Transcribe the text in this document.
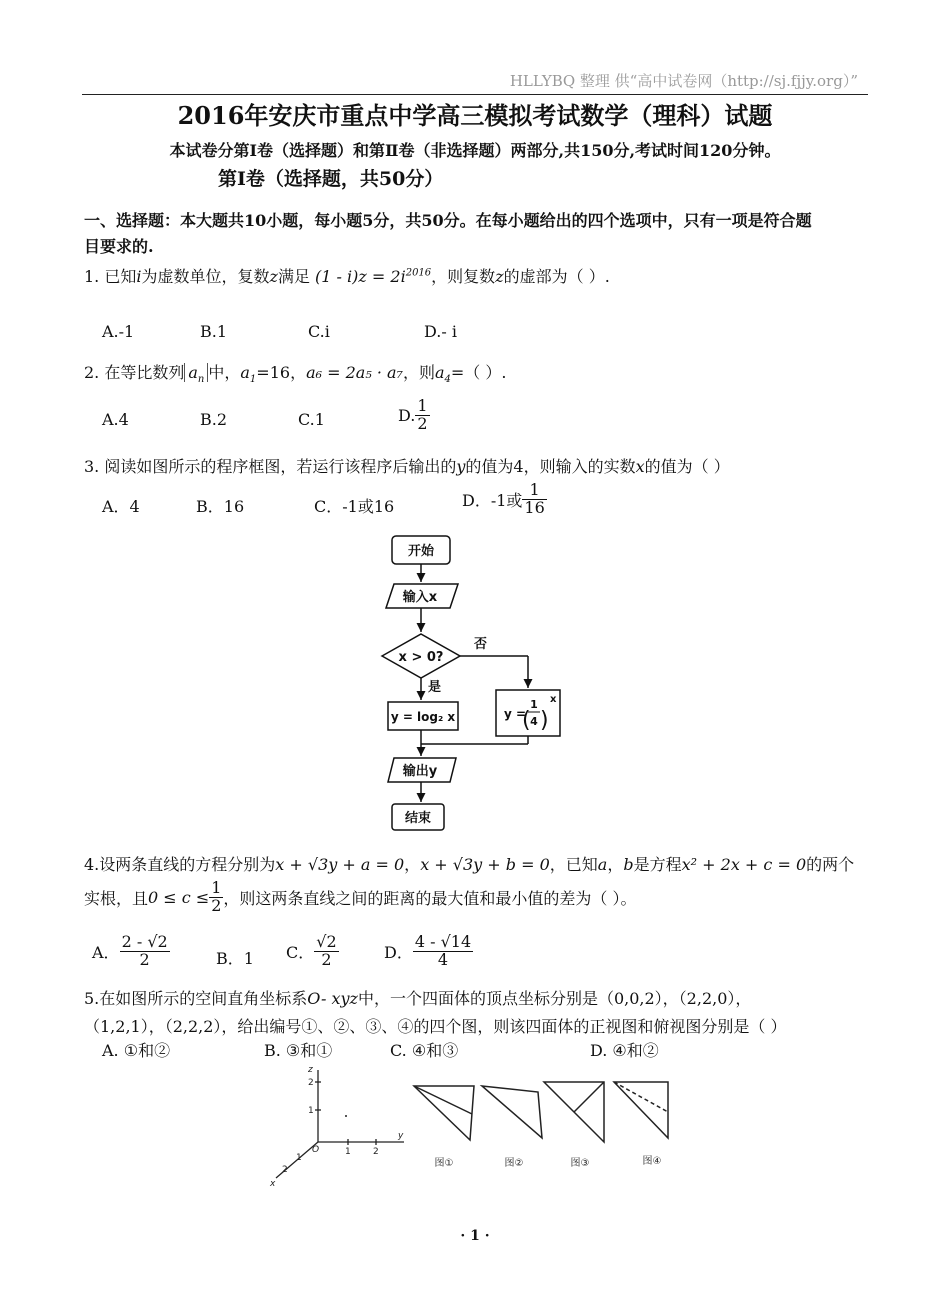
HLLYBQ 整理 供“高中试卷网（http://sj.fjjy.org）”
2016年安庆市重点中学高三模拟考试数学（理科）试题
本试卷分第Ⅰ卷（选择题）和第Ⅱ卷（非选择题）两部分,共150分,考试时间120分钟。
第Ⅰ卷（选择题，共50分）
一、选择题：本大题共10小题，每小题5分，共50分。在每小题给出的四个选项中，只有一项是符合题
目要求的.
1. 已知i为虚数单位，复数z满足 $(1 - i)z = 2i^{2016}$，则复数z的虚部为（ ）.
A.-1	B.1	C.i	D.- i
2. 在等比数列 $a_n$ 中，$a_1=16$，a₆ = 2a₅ · a₇，则$a_4=$（ ）.
A.4	B.2	C.1	D. $\frac{1}{2}$
3. 阅读如图所示的程序框图，若运行该程序后输出的y的值为4，则输入的实数x的值为（ ）
A．4	B．16	C．-1或16	D．-1或 $\frac{1}{16}$
开始
输入x
x > 0?
否
是
y = log₂ x	y =
1
4
( )
x
输出y
结束
4.设两条直线的方程分别为x + √3y + a = 0，x + √3y + b = 0，已知a，b是方程x² + 2x + c = 0的两个
实根，且$0 \le c \le \frac{1}{2}$ ，则这两条直线之间的距离的最大值和最小值的差为（ ）。
A． $\frac{2 - √2}{2}$	B．1 C． $\frac{√2}{2}$	D． $\frac{4 - √14}{4}$
5.在如图所示的空间直角坐标系O- xyz中，一个四面体的顶点坐标分别是（0,0,2），（2,2,0），
（1,2,1），（2,2,2），给出编号①、②、③、④的四个图，则该四面体的正视图和俯视图分别是（ ）
A. ①和②	B. ③和①	C. ④和③	D. ④和②
z
y
x
O
1
2
1 2
1
2
图①	图②	图③	图④
· 1 ·
